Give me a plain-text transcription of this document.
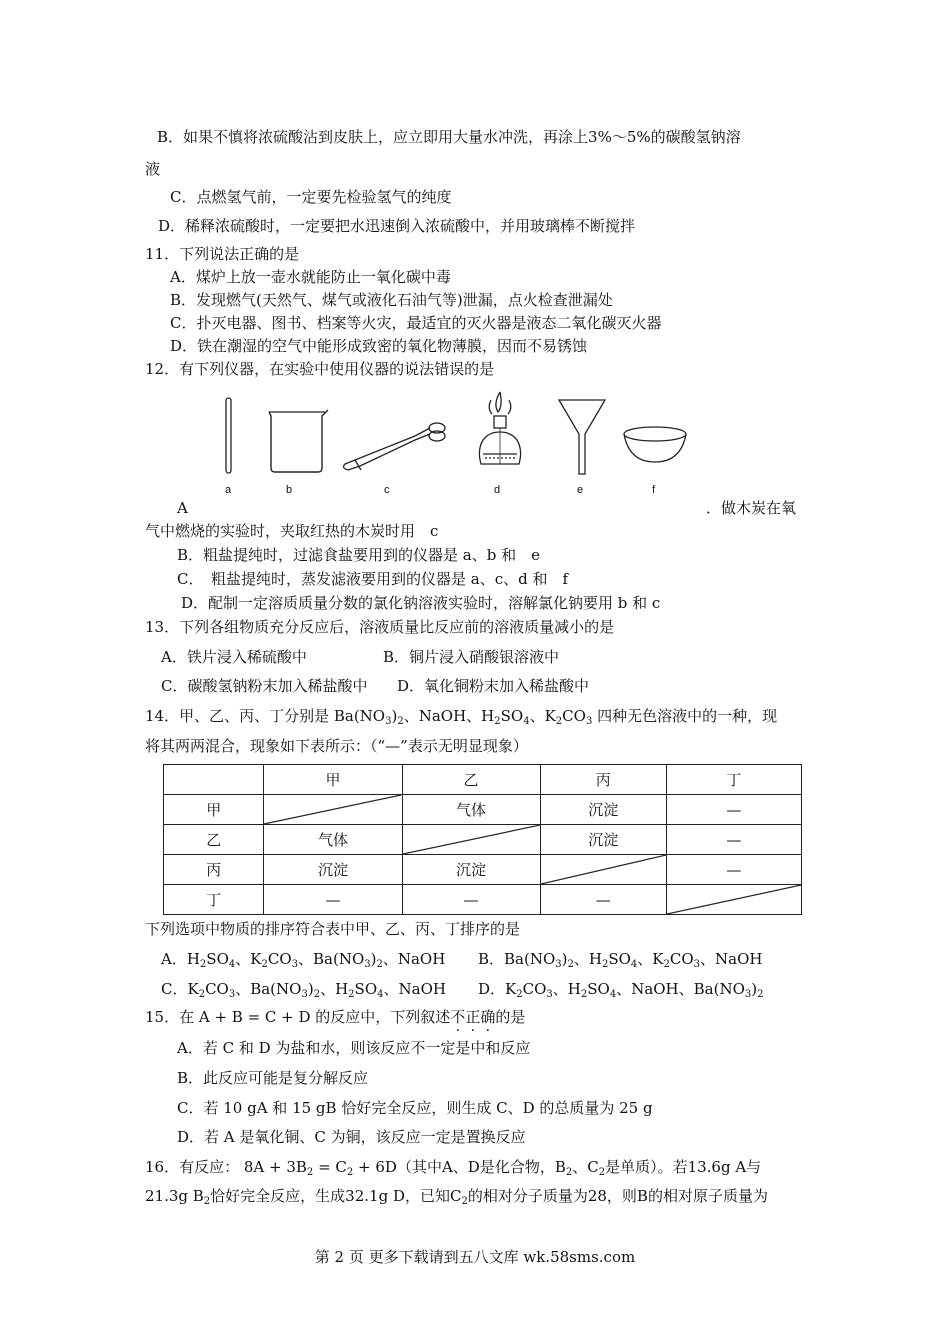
B．如果不慎将浓硫酸沾到皮肤上，应立即用大量水冲洗，再涂上3%～5%的碳酸氢钠溶
液
C．点燃氢气前，一定要先检验氢气的纯度
D．稀释浓硫酸时，一定要把水迅速倒入浓硫酸中，并用玻璃棒不断搅拌
11．下列说法正确的是
A．煤炉上放一壶水就能防止一氧化碳中毒
B．发现燃气(天然气、煤气或液化石油气等)泄漏，点火检查泄漏处
C．扑灭电器、图书、档案等火灾，最适宜的灭火器是液态二氧化碳灭火器
D．铁在潮湿的空气中能形成致密的氧化物薄膜，因而不易锈蚀
12．有下列仪器，在实验中使用仪器的说法错误的是
a	b	c	d	e	f
A	．做木炭在氧
气中燃烧的实验时，夹取红热的木炭时用　c
B．粗盐提纯时，过滤食盐要用到的仪器是 a、b 和　e
C．　粗盐提纯时，蒸发滤液要用到的仪器是 a、c、d 和　f
D．配制一定溶质质量分数的氯化钠溶液实验时，溶解氯化钠要用 b 和 c
13．下列各组物质充分反应后，溶液质量比反应前的溶液质量减小的是
A．铁片浸入稀硫酸中	B．铜片浸入硝酸银溶液中
C．碳酸氢钠粉末加入稀盐酸中 D．氧化铜粉末加入稀盐酸中
14．甲、乙、丙、丁分别是 $Ba(NO_3)_2$、NaOH、$H_2SO_4$、$K_2CO_3$ 四种无色溶液中的一种，现
将其两两混合，现象如下表所示：（“—”表示无明显现象）
	甲	乙	丙	丁
甲		气体	沉淀	—
乙	气体		沉淀	—
丙	沉淀	沉淀		—
丁	—	—	—	
下列选项中物质的排序符合表中甲、乙、丙、丁排序的是
A．$H_2SO_4$、$K_2CO_3$、$Ba(NO_3)_2$、NaOH B．$Ba(NO_3)_2$、$H_2SO_4$、$K_2CO_3$、NaOH
C．$K_2CO_3$、$Ba(NO_3)_2$、$H_2SO_4$、NaOH D．$K_2CO_3$、$H_2SO_4$、NaOH、$Ba(NO_3)_2$
15．在 A + B = C + D 的反应中，下列叙述不正确的是
A．若 C 和 D 为盐和水，则该反应不一定是中和反应
B．此反应可能是复分解反应
C．若 10 gA 和 15 gB 恰好完全反应，则生成 C、D 的总质量为 25 g
D．若 A 是氧化铜、C 为铜，该反应一定是置换反应
16．有反应： $8A + 3B_2 = C_2 + 6D$（其中A、D是化合物，$B_2$、$C_2$是单质）。若13.6g A与
21.3g $B_2$恰好完全反应，生成32.1g D，已知$C_2$的相对分子质量为28，则B的相对原子质量为
第 2 页 更多下载请到五八文库 wk.58sms.com
